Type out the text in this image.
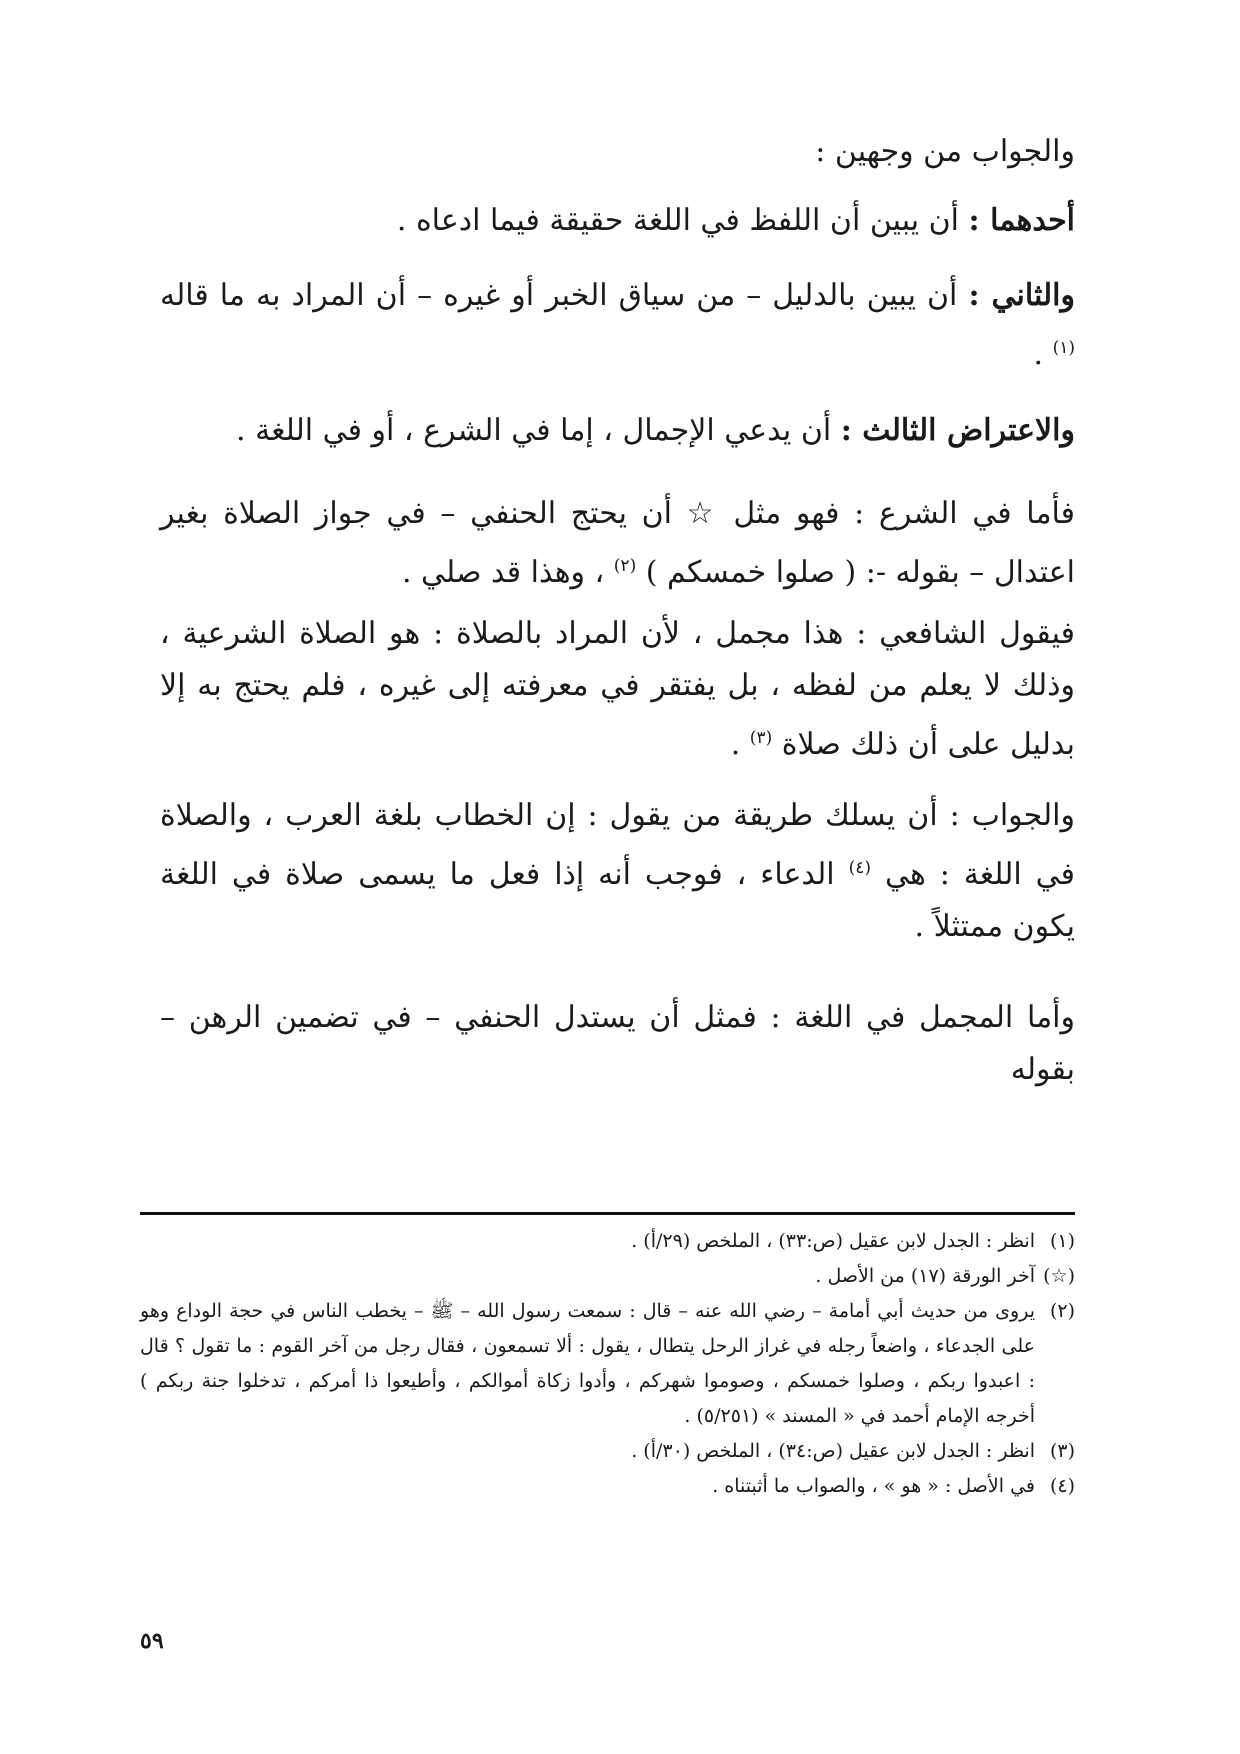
والجواب من وجهين :

أحدهما : أن يبين أن اللفظ في اللغة حقيقة فيما ادعاه .

والثاني : أن يبين بالدليل – من سياق الخبر أو غيره – أن المراد به ما قاله $^{(١)}$ .

والاعتراض الثالث : أن يدعي الإجمال ، إما في الشرع ، أو في اللغة .

فأما في الشرع : فهو مثل ☆ أن يحتج الحنفي – في جواز الصلاة بغير اعتدال – بقوله -: ( صلوا خمسكم ) $^{(٢)}$ ، وهذا قد صلي .

فيقول الشافعي : هذا مجمل ، لأن المراد بالصلاة : هو الصلاة الشرعية ، وذلك لا يعلم من لفظه ، بل يفتقر في معرفته إلى غيره ، فلم يحتج به إلا بدليل على أن ذلك صلاة $^{(٣)}$ .

والجواب : أن يسلك طريقة من يقول : إن الخطاب بلغة العرب ، والصلاة في اللغة : هي $^{(٤)}$ الدعاء ، فوجب أنه إذا فعل ما يسمى صلاة في اللغة يكون ممتثلاً .

وأما المجمل في اللغة : فمثل أن يستدل الحنفي – في تضمين الرهن – بقوله

(١)
انظر : الجدل لابن عقيل (ص:٣٣) ، الملخص (٢٩/أ) .
(☆)
آخر الورقة (١٧) من الأصل .
(٢)
يروى من حديث أبي أمامة – رضي الله عنه – قال : سمعت رسول الله – ﷺ – يخطب الناس في حجة الوداع وهو على الجدعاء ، واضعاً رجله في غراز الرحل يتطال ، يقول : ألا تسمعون ، فقال رجل من آخر القوم : ما تقول ؟ قال : اعبدوا ربكم ، وصلوا خمسكم ، وصوموا شهركم ، وأدوا زكاة أموالكم ، وأطيعوا ذا أمركم ، تدخلوا جنة ربكم ) أخرجه الإمام أحمد في « المسند » (٥/٢٥١) .
(٣)
انظر : الجدل لابن عقيل (ص:٣٤) ، الملخص (٣٠/أ) .
(٤)
في الأصل : « هو » ، والصواب ما أثبتناه .
٥٩
